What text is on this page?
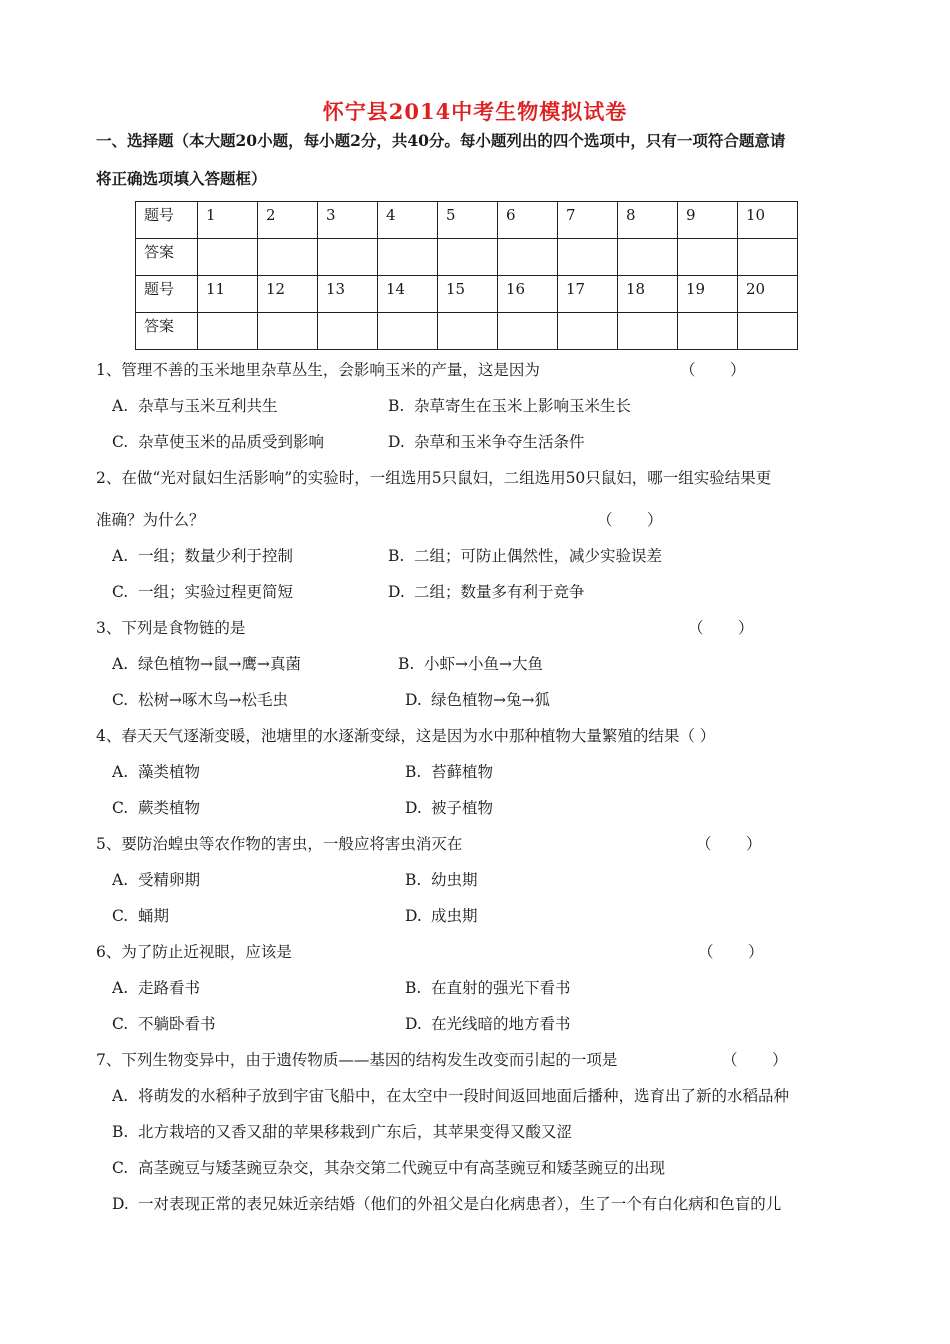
怀宁县2014中考生物模拟试卷
一、选择题（本大题20小题，每小题2分，共40分。每小题列出的四个选项中，只有一项符合题意请
将正确选项填入答题框）
题号	1	2	3	4	5	6	7	8	9	10
答案										
题号	11	12	13	14	15	16	17	18	19	20
答案										
1、管理不善的玉米地里杂草丛生，会影响玉米的产量，这是因为	（       ）
A. 杂草与玉米互利共生	B. 杂草寄生在玉米上影响玉米生长
C. 杂草使玉米的品质受到影响	D. 杂草和玉米争夺生活条件
2、在做“光对鼠妇生活影响”的实验时，一组选用5只鼠妇，二组选用50只鼠妇，哪一组实验结果更
准确？为什么？	（       ）
A. 一组；数量少利于控制	B. 二组；可防止偶然性，减少实验误差
C. 一组；实验过程更简短	D. 二组；数量多有利于竞争
3、下列是食物链的是	（       ）
A. 绿色植物→鼠→鹰→真菌	B. 小虾→小鱼→大鱼
C. 松树→啄木鸟→松毛虫	D. 绿色植物→兔→狐
4、春天天气逐渐变暖，池塘里的水逐渐变绿，这是因为水中那种植物大量繁殖的结果（ ）
A. 藻类植物	B. 苔藓植物
C. 蕨类植物	D. 被子植物
5、要防治蝗虫等农作物的害虫，一般应将害虫消灭在	（       ）
A. 受精卵期	B. 幼虫期
C. 蛹期	D. 成虫期
6、为了防止近视眼，应该是	（       ）
A. 走路看书	B. 在直射的强光下看书
C. 不躺卧看书	D. 在光线暗的地方看书
7、下列生物变异中，由于遗传物质——基因的结构发生改变而引起的一项是	（       ）
A. 将萌发的水稻种子放到宇宙飞船中，在太空中一段时间返回地面后播种，选育出了新的水稻品种
B. 北方栽培的又香又甜的苹果移栽到广东后，其苹果变得又酸又涩
C. 高茎豌豆与矮茎豌豆杂交，其杂交第二代豌豆中有高茎豌豆和矮茎豌豆的出现
D. 一对表现正常的表兄妹近亲结婚（他们的外祖父是白化病患者），生了一个有白化病和色盲的儿
